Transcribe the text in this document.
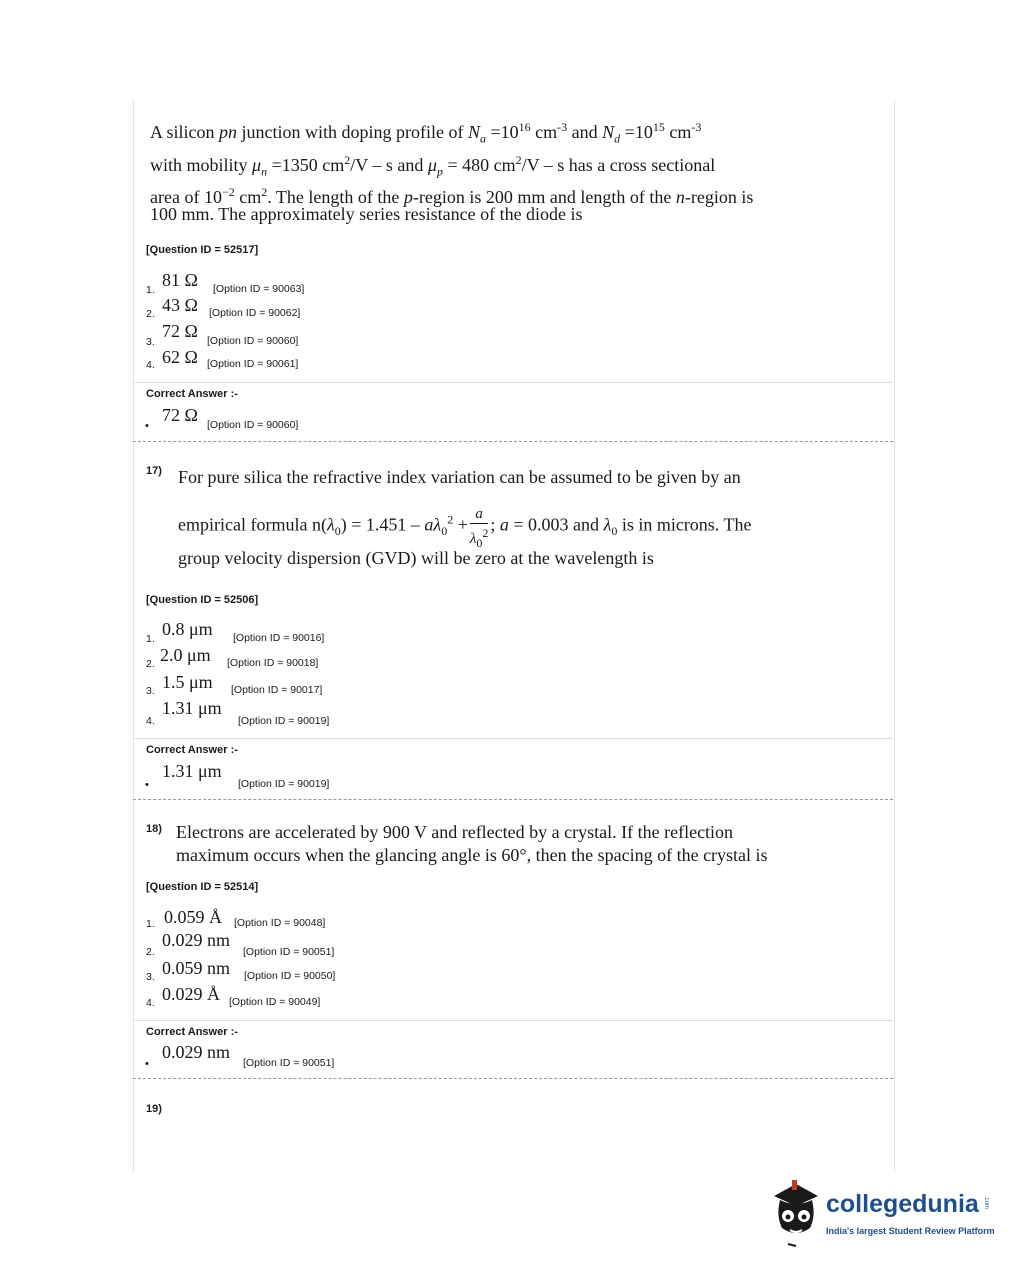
A silicon pn junction with doping profile of $N_a =10^{16}$ $cm^{-3}$ and $N_d =10^{15}$ $cm^{-3}$
with mobility $\mu_n =1350$ $cm^2/V$ – s and $\mu_p = 480$ $cm^2/V$ – s has a cross sectional
area of $10^{-2}$ $cm^2$. The length of the p-region is 200 mm and length of the n-region is
100 mm. The approximately series resistance of the diode is
[Question ID = 52517]
1. 81 Ω [Option ID = 90063]
2. 43 Ω [Option ID = 90062]
3.
72 Ω [Option ID = 90060]
4. 62 Ω [Option ID = 90061]
Correct Answer :-
•
72 Ω [Option ID = 90060]
17) For pure silica the refractive index variation can be assumed to be given by an
empirical formula $n(\lambda_0) = 1.451 - a\lambda_0^2 + \frac{a}{\lambda_0^2}$ ; a = 0.003 and $\lambda_0$ is in microns. The
group velocity dispersion (GVD) will be zero at the wavelength is
[Question ID = 52506]
1. 0.8 μm [Option ID = 90016]
2. 2.0 μm [Option ID = 90018]
3. 1.5 μm [Option ID = 90017]
4.
1.31 μm
[Option ID = 90019]
Correct Answer :-
•
1.31 μm
[Option ID = 90019]
18) Electrons are accelerated by 900 V and reflected by a crystal. If the reflection
maximum occurs when the glancing angle is 60°, then the spacing of the crystal is
[Question ID = 52514]
1. 0.059 Å [Option ID = 90048]
2.
0.029 nm
[Option ID = 90051]
3. 0.059 nm [Option ID = 90050]
4. 0.029 Å [Option ID = 90049]
Correct Answer :-
•
0.029 nm
[Option ID = 90051]
19)
collegedunia .com
India's largest Student Review Platform
